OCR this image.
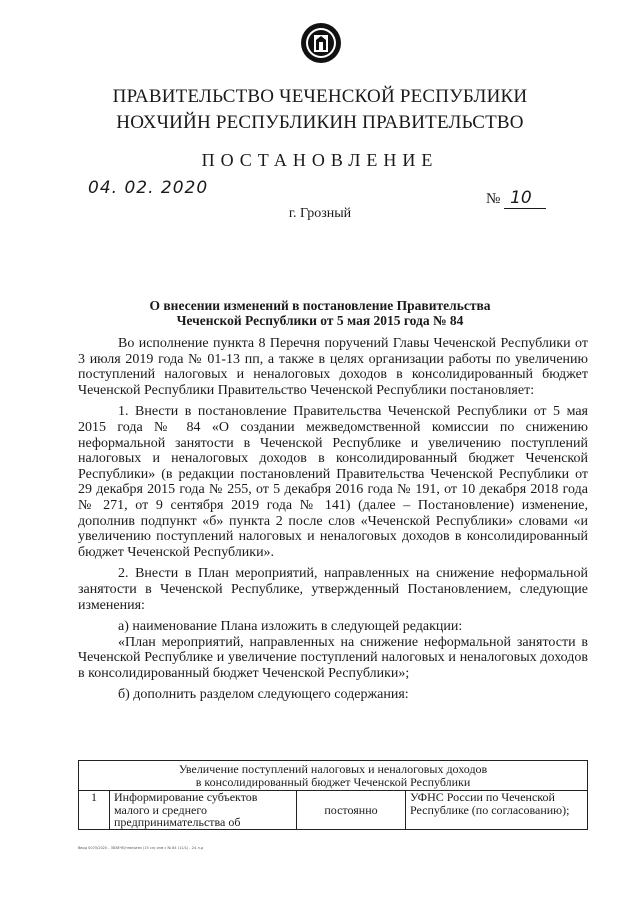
ПРАВИТЕЛЬСТВО ЧЕЧЕНСКОЙ РЕСПУБЛИКИ
НОХЧИЙН РЕСПУБЛИКИН ПРАВИТЕЛЬСТВО
ПОСТАНОВЛЕНИЕ
04. 02. 2020
№ 10
г. Грозный
О внесении изменений в постановление Правительства
Чеченской Республики от 5 мая 2015 года № 84

Во исполнение пункта 8 Перечня поручений Главы Чеченской Республики от 3 июля 2019 года № 01-13 пп, а также в целях организации работы по увеличению поступлений налоговых и неналоговых доходов в консолидированный бюджет Чеченской Республики Правительство Чеченской Республики постановляет:

1. Внести в постановление Правительства Чеченской Республики от 5 мая 2015 года № 84 «О создании межведомственной комиссии по снижению неформальной занятости в Чеченской Республике и увеличению поступлений налоговых и неналоговых доходов в консолидированный бюджет Чеченской Республики» (в редакции постановлений Правительства Чеченской Республики от 29 декабря 2015 года № 255, от 5 декабря 2016 года № 191, от 10 декабря 2018 года № 271, от 9 сентября 2019 года № 141) (далее – Постановление) изменение, дополнив подпункт «б» пункта 2 после слов «Чеченской Республики» словами «и увеличению поступлений налоговых и неналоговых доходов в консолидированный бюджет Чеченской Республики».

2. Внести в План мероприятий, направленных на снижение неформальной занятости в Чеченской Республике, утвержденный Постановлением, следующие изменения:

а) наименование Плана изложить в следующей редакции:

«План мероприятий, направленных на снижение неформальной занятости в Чеченской Республике и увеличение поступлений налоговых и неналоговых доходов в консолидированный бюджет Чеченской Республики»;

б) дополнить разделом следующего содержания:

Увеличение поступлений налоговых и неналоговых доходов
в консолидированный бюджет Чеченской Республики

1	Информирование субъектов малого и среднего предпринимательства об	постоянно	УФНС России по Чеченской Республике (по согласованию);
Ввод 0070/2020 - 3838ЧЕ/нзвп/изм (15 сл) изм с № 84 (11/1) - 24 л.д
